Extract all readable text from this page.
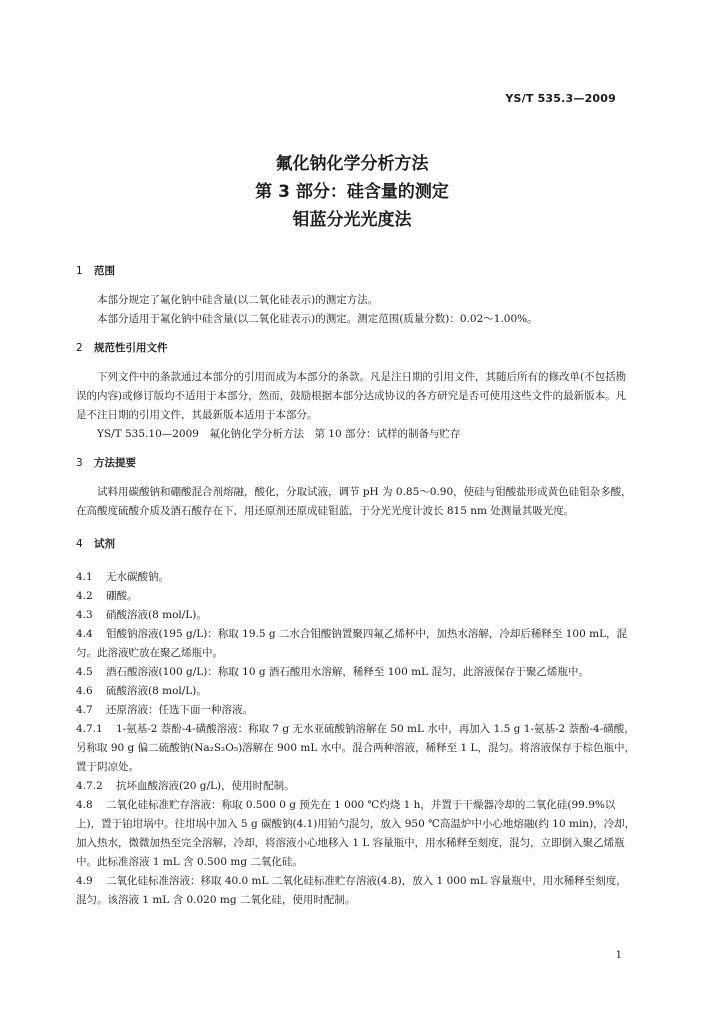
YS/T 535.3—2009
氟化钠化学分析方法
第 3 部分：硅含量的测定
钼蓝分光光度法

1 范围

本部分规定了氟化钠中硅含量(以二氧化硅表示)的测定方法。

本部分适用于氟化钠中硅含量(以二氧化硅表示)的测定。测定范围(质量分数)：0.02～1.00%。

2 规范性引用文件

下列文件中的条款通过本部分的引用而成为本部分的条款。凡是注日期的引用文件，其随后所有的修改单(不包括勘误的内容)或修订版均不适用于本部分，然而，鼓励根据本部分达成协议的各方研究是否可使用这些文件的最新版本。凡是不注日期的引用文件，其最新版本适用于本部分。

YS/T 535.10—2009　氟化钠化学分析方法　第 10 部分：试样的制备与贮存

3 方法提要

试料用碳酸钠和硼酸混合剂熔融，酸化，分取试液，调节 pH 为 0.85～0.90，使硅与钼酸盐形成黄色硅钼杂多酸，在高酸度硫酸介质及酒石酸存在下，用还原剂还原成硅钼蓝，于分光光度计波长 815 nm 处测量其吸光度。

4 试剂

4.1 无水碳酸钠。

4.2 硼酸。

4.3 硝酸溶液(8 mol/L)。

4.4 钼酸钠溶液(195 g/L)：称取 19.5 g 二水合钼酸钠置聚四氟乙烯杯中，加热水溶解，冷却后稀释至 100 mL，混匀。此溶液贮放在聚乙烯瓶中。

4.5 酒石酸溶液(100 g/L)：称取 10 g 酒石酸用水溶解，稀释至 100 mL 混匀，此溶液保存于聚乙烯瓶中。

4.6 硫酸溶液(8 mol/L)。

4.7 还原溶液：任选下面一种溶液。

4.7.1 1-氨基-2 萘酚-4-磺酸溶液：称取 7 g 无水亚硫酸钠溶解在 50 mL 水中，再加入 1.5 g 1-氨基-2 萘酚-4-磺酸，另称取 90 g 偏二硫酸钠(Na₂S₂O₅)溶解在 900 mL 水中。混合两种溶液，稀释至 1 L，混匀。将溶液保存于棕色瓶中，置于阴凉处。

4.7.2 抗坏血酸溶液(20 g/L)，使用时配制。

4.8 二氧化硅标准贮存溶液：称取 0.500 0 g 预先在 1 000 ℃灼烧 1 h，并置于干燥器冷却的二氧化硅(99.9%以上)，置于铂坩埚中。往坩埚中加入 5 g 碳酸钠(4.1)用铂勺混匀，放入 950 ℃高温炉中小心地熔融(约 10 min)，冷却，加入热水，微微加热至完全溶解，冷却，将溶液小心地移入 1 L 容量瓶中，用水稀释至刻度，混匀，立即倒入聚乙烯瓶中。此标准溶液 1 mL 含 0.500 mg 二氧化硅。

4.9 二氧化硅标准溶液：移取 40.0 mL 二氧化硅标准贮存溶液(4.8)，放入 1 000 mL 容量瓶中，用水稀释至刻度，混匀。该溶液 1 mL 含 0.020 mg 二氧化硅，使用时配制。

1
